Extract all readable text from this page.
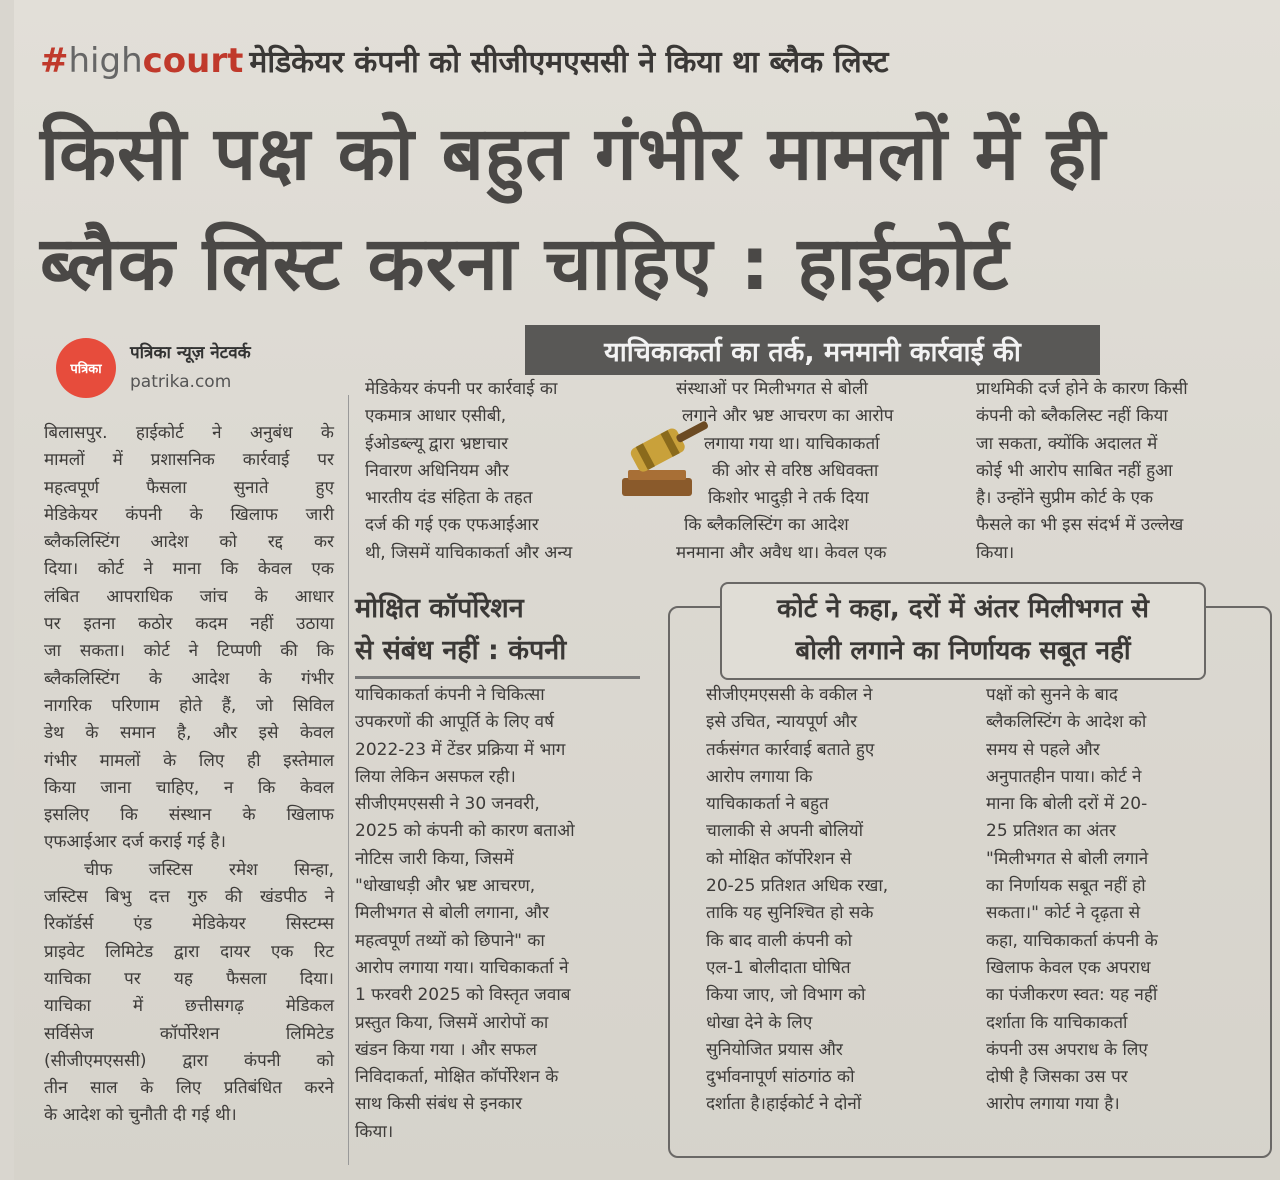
#highcourt मेडिकेयर कंपनी को सीजीएमएससी ने किया था ब्लैक लिस्ट
किसी पक्ष को बहुत गंभीर मामलों में ही
ब्लैक लिस्ट करना चाहिए : हाईकोर्ट
पत्रिका
पत्रिका न्यूज़ नेटवर्क
patrika.com
याचिकाकर्ता का तर्क, मनमानी कार्रवाई की
बिलासपुर. हाईकोर्ट ने अनुबंध के
मामलों में प्रशासनिक कार्रवाई पर
महत्वपूर्ण फैसला सुनाते हुए
मेडिकेयर कंपनी के खिलाफ जारी
ब्लैकलिस्टिंग आदेश को रद्द कर
दिया। कोर्ट ने माना कि केवल एक
लंबित आपराधिक जांच के आधार
पर इतना कठोर कदम नहीं उठाया
जा सकता। कोर्ट ने टिप्पणी की कि
ब्लैकलिस्टिंग के आदेश के गंभीर
नागरिक परिणाम होते हैं, जो सिविल
डेथ के समान है, और इसे केवल
गंभीर मामलों के लिए ही इस्तेमाल
किया जाना चाहिए, न कि केवल
इसलिए कि संस्थान के खिलाफ
एफआईआर दर्ज कराई गई है।
चीफ जस्टिस रमेश सिन्हा,
जस्टिस बिभु दत्त गुरु की खंडपीठ ने
रिकॉर्डर्स एंड मेडिकेयर सिस्टम्स
प्राइवेट लिमिटेड द्वारा दायर एक रिट
याचिका पर यह फैसला दिया।
याचिका में छत्तीसगढ़ मेडिकल
सर्विसेज कॉर्पोरेशन लिमिटेड
(सीजीएमएससी) द्वारा कंपनी को
तीन साल के लिए प्रतिबंधित करने
के आदेश को चुनौती दी गई थी।
मेडिकेयर कंपनी पर कार्रवाई का
एकमात्र आधार एसीबी,
ईओडब्ल्यू द्वारा भ्रष्टाचार
निवारण अधिनियम और
भारतीय दंड संहिता के तहत
दर्ज की गई एक एफआईआर
थी, जिसमें याचिकाकर्ता और अन्य
संस्थाओं पर मिलीभगत से बोली
लगाने और भ्रष्ट आचरण का आरोप
लगाया गया था। याचिकाकर्ता
की ओर से वरिष्ठ अधिवक्ता
किशोर भादुड़ी ने तर्क दिया
कि ब्लैकलिस्टिंग का आदेश
मनमाना और अवैध था। केवल एक
प्राथमिकी दर्ज होने के कारण किसी
कंपनी को ब्लैकलिस्ट नहीं किया
जा सकता, क्योंकि अदालत में
कोई भी आरोप साबित नहीं हुआ
है। उन्होंने सुप्रीम कोर्ट के एक
फैसले का भी इस संदर्भ में उल्लेख
किया।
मोक्षित कॉर्पोरेशन
से संबंध नहीं : कंपनी
याचिकाकर्ता कंपनी ने चिकित्सा
उपकरणों की आपूर्ति के लिए वर्ष
2022-23 में टेंडर प्रक्रिया में भाग
लिया लेकिन असफल रही।
सीजीएमएससी ने 30 जनवरी,
2025 को कंपनी को कारण बताओ
नोटिस जारी किया, जिसमें
"धोखाधड़ी और भ्रष्ट आचरण,
मिलीभगत से बोली लगाना, और
महत्वपूर्ण तथ्यों को छिपाने" का
आरोप लगाया गया। याचिकाकर्ता ने
1 फरवरी 2025 को विस्तृत जवाब
प्रस्तुत किया, जिसमें आरोपों का
खंडन किया गया । और सफल
निविदाकर्ता, मोक्षित कॉर्पोरेशन के
साथ किसी संबंध से इनकार
किया।
कोर्ट ने कहा, दरों में अंतर मिलीभगत से
बोली लगाने का निर्णायक सबूत नहीं
सीजीएमएससी के वकील ने
इसे उचित, न्यायपूर्ण और
तर्कसंगत कार्रवाई बताते हुए
आरोप लगाया कि
याचिकाकर्ता ने बहुत
चालाकी से अपनी बोलियों
को मोक्षित कॉर्पोरेशन से
20-25 प्रतिशत अधिक रखा,
ताकि यह सुनिश्चित हो सके
कि बाद वाली कंपनी को
एल-1 बोलीदाता घोषित
किया जाए, जो विभाग को
धोखा देने के लिए
सुनियोजित प्रयास और
दुर्भावनापूर्ण सांठगांठ को
दर्शाता है।हाईकोर्ट ने दोनों
पक्षों को सुनने के बाद
ब्लैकलिस्टिंग के आदेश को
समय से पहले और
अनुपातहीन पाया। कोर्ट ने
माना कि बोली दरों में 20-
25 प्रतिशत का अंतर
"मिलीभगत से बोली लगाने
का निर्णायक सबूत नहीं हो
सकता।" कोर्ट ने दृढ़ता से
कहा, याचिकाकर्ता कंपनी के
खिलाफ केवल एक अपराध
का पंजीकरण स्वत: यह नहीं
दर्शाता कि याचिकाकर्ता
कंपनी उस अपराध के लिए
दोषी है जिसका उस पर
आरोप लगाया गया है।
